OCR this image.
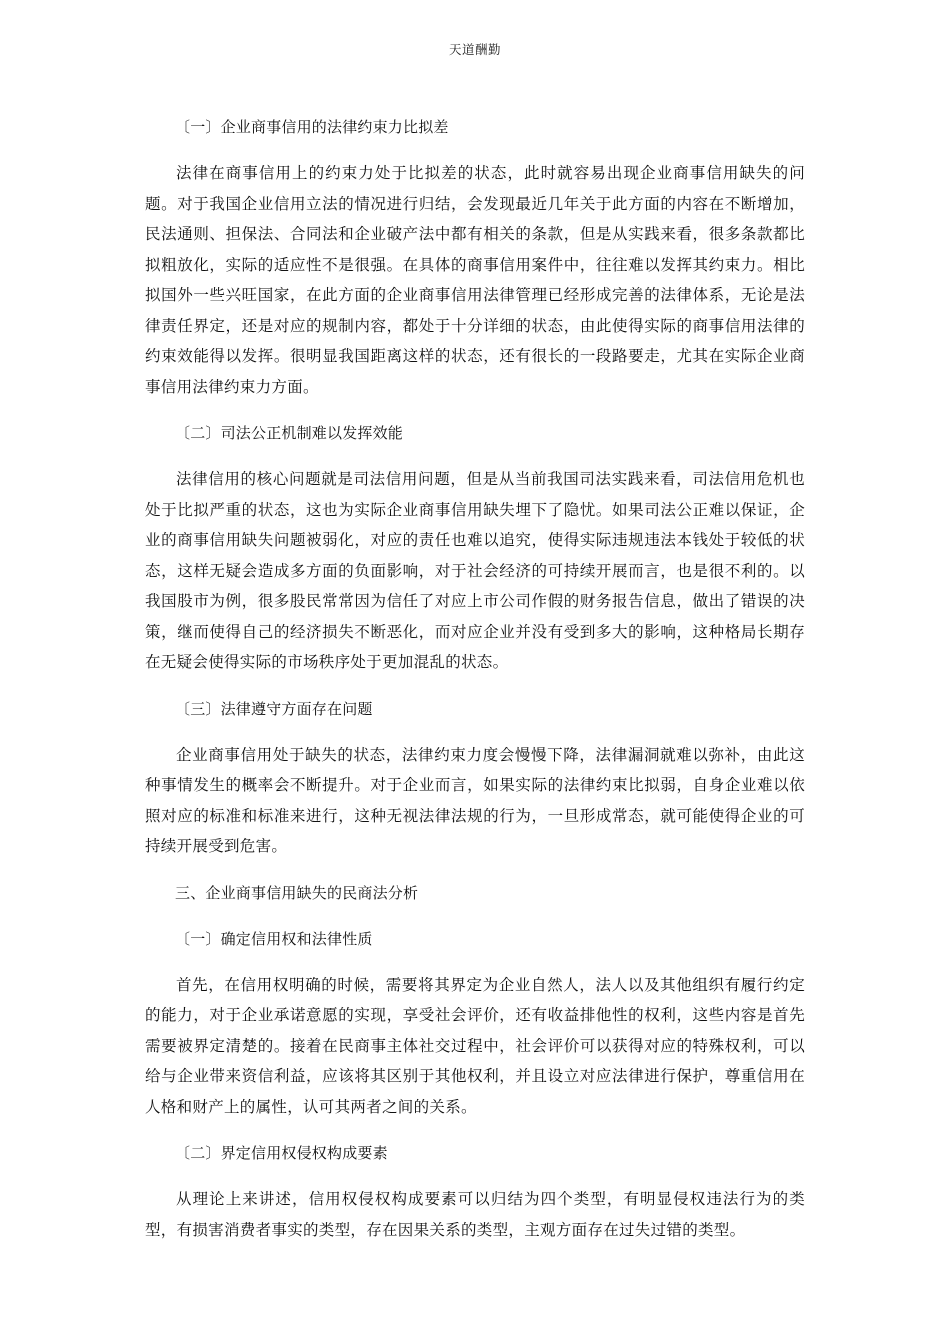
天道酬勤
〔一〕企业商事信用的法律约束力比拟差
法律在商事信用上的约束力处于比拟差的状态，此时就容易出现企业商事信用缺失的问题。对于我国企业信用立法的情况进行归结，会发现最近几年关于此方面的内容在不断增加，民法通则、担保法、合同法和企业破产法中都有相关的条款，但是从实践来看，很多条款都比拟粗放化，实际的适应性不是很强。在具体的商事信用案件中，往往难以发挥其约束力。相比拟国外一些兴旺国家，在此方面的企业商事信用法律管理已经形成完善的法律体系，无论是法律责任界定，还是对应的规制内容，都处于十分详细的状态，由此使得实际的商事信用法律的约束效能得以发挥。很明显我国距离这样的状态，还有很长的一段路要走，尤其在实际企业商事信用法律约束力方面。
〔二〕司法公正机制难以发挥效能
法律信用的核心问题就是司法信用问题，但是从当前我国司法实践来看，司法信用危机也处于比拟严重的状态，这也为实际企业商事信用缺失埋下了隐忧。如果司法公正难以保证，企业的商事信用缺失问题被弱化，对应的责任也难以追究，使得实际违规违法本钱处于较低的状态，这样无疑会造成多方面的负面影响，对于社会经济的可持续开展而言，也是很不利的。以我国股市为例，很多股民常常因为信任了对应上市公司作假的财务报告信息，做出了错误的决策，继而使得自己的经济损失不断恶化，而对应企业并没有受到多大的影响，这种格局长期存在无疑会使得实际的市场秩序处于更加混乱的状态。
〔三〕法律遵守方面存在问题
企业商事信用处于缺失的状态，法律约束力度会慢慢下降，法律漏洞就难以弥补，由此这种事情发生的概率会不断提升。对于企业而言，如果实际的法律约束比拟弱，自身企业难以依照对应的标准和标准来进行，这种无视法律法规的行为，一旦形成常态，就可能使得企业的可持续开展受到危害。
三、企业商事信用缺失的民商法分析
〔一〕确定信用权和法律性质
首先，在信用权明确的时候，需要将其界定为企业自然人，法人以及其他组织有履行约定的能力，对于企业承诺意愿的实现，享受社会评价，还有收益排他性的权利，这些内容是首先需要被界定清楚的。接着在民商事主体社交过程中，社会评价可以获得对应的特殊权利，可以给与企业带来资信利益，应该将其区别于其他权利，并且设立对应法律进行保护，尊重信用在人格和财产上的属性，认可其两者之间的关系。
〔二〕界定信用权侵权构成要素
从理论上来讲述，信用权侵权构成要素可以归结为四个类型，有明显侵权违法行为的类型，有损害消费者事实的类型，存在因果关系的类型，主观方面存在过失过错的类型。
